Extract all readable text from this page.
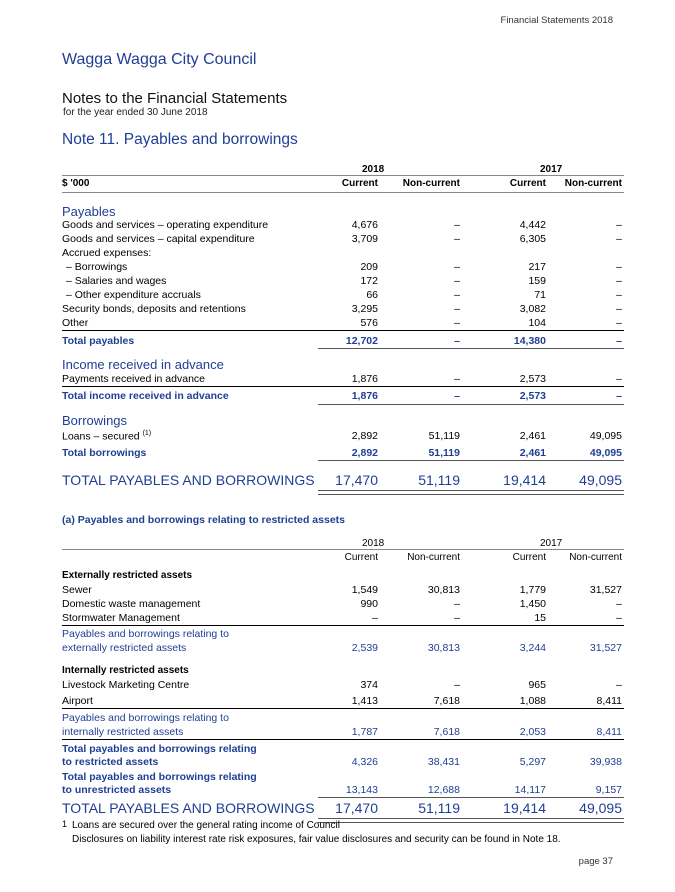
Financial Statements 2018
Wagga Wagga City Council
Notes to the Financial Statements
for the year ended 30 June 2018
Note 11. Payables and borrowings
2018	2017
$ '000	Current Non-current	Current Non-current
Payables
Goods and services – operating expenditure	4,676	–	4,442	–
Goods and services – capital expenditure	3,709	–	6,305	–
Accrued expenses:
– Borrowings	209	–	217	–
– Salaries and wages	172	–	159	–
– Other expenditure accruals	66	–	71	–
Security bonds, deposits and retentions	3,295	–	3,082	–
Other	576	–	104	–
Total payables	12,702	–	14,380	–
Income received in advance
Payments received in advance	1,876	–	2,573	–
Total income received in advance	1,876	–	2,573	–
Borrowings
Loans – secured $^{(1)}$	2,892	51,119	2,461	49,095
Total borrowings	2,892	51,119	2,461	49,095
TOTAL PAYABLES AND BORROWINGS 17,470	51,119	19,414 49,095
(a) Payables and borrowings relating to restricted assets
2018	2017
Current	Non-current	Current Non-current
Externally restricted assets
Sewer	1,549	30,813	1,779	31,527
Domestic waste management	990	–	1,450	–
Stormwater Management	–	–	15	–
Payables and borrowings relating to
externally restricted assets	2,539	30,813	3,244	31,527
Internally restricted assets
Livestock Marketing Centre	374	–	965	–
Airport	1,413	7,618	1,088	8,411
Payables and borrowings relating to
internally restricted assets	1,787	7,618	2,053	8,411
Total payables and borrowings relating
to restricted assets	4,326	38,431	5,297	39,938
Total payables and borrowings relating
to unrestricted assets	13,143	12,688	14,117	9,157
TOTAL PAYABLES AND BORROWINGS 17,470	51,119	19,414 49,095
1 Loans are secured over the general rating income of Council
Disclosures on liability interest rate risk exposures, fair value disclosures and security can be found in Note 18.
page 37
